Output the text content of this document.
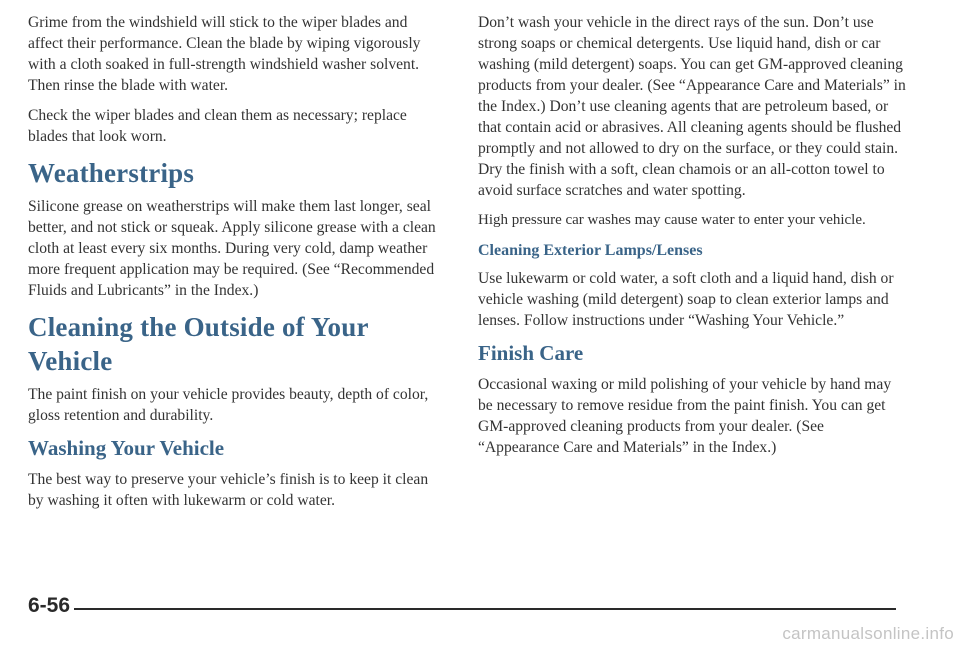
Grime from the windshield will stick to the wiper blades and affect their performance. Clean the blade by wiping vigorously with a cloth soaked in full-strength windshield washer solvent. Then rinse the blade with water.

Check the wiper blades and clean them as necessary; replace blades that look worn.

Weatherstrips

Silicone grease on weatherstrips will make them last longer, seal better, and not stick or squeak. Apply silicone grease with a clean cloth at least every six months. During very cold, damp weather more frequent application may be required. (See “Recommended Fluids and Lubricants” in the Index.)

Cleaning the Outside of Your Vehicle

The paint finish on your vehicle provides beauty, depth of color, gloss retention and durability.

Washing Your Vehicle

The best way to preserve your vehicle’s finish is to keep it clean by washing it often with lukewarm or cold water.

Don’t wash your vehicle in the direct rays of the sun. Don’t use strong soaps or chemical detergents. Use liquid hand, dish or car washing (mild detergent) soaps. You can get GM-approved cleaning products from your dealer. (See “Appearance Care and Materials” in the Index.) Don’t use cleaning agents that are petroleum based, or that contain acid or abrasives. All cleaning agents should be flushed promptly and not allowed to dry on the surface, or they could stain. Dry the finish with a soft, clean chamois or an all-cotton towel to avoid surface scratches and water spotting.

High pressure car washes may cause water to enter your vehicle.

Cleaning Exterior Lamps/Lenses

Use lukewarm or cold water, a soft cloth and a liquid hand, dish or vehicle washing (mild detergent) soap to clean exterior lamps and lenses. Follow instructions under “Washing Your Vehicle.”

Finish Care

Occasional waxing or mild polishing of your vehicle by hand may be necessary to remove residue from the paint finish. You can get GM-approved cleaning products from your dealer. (See “Appearance Care and Materials” in the Index.)

6-56
carmanualsonline.info
